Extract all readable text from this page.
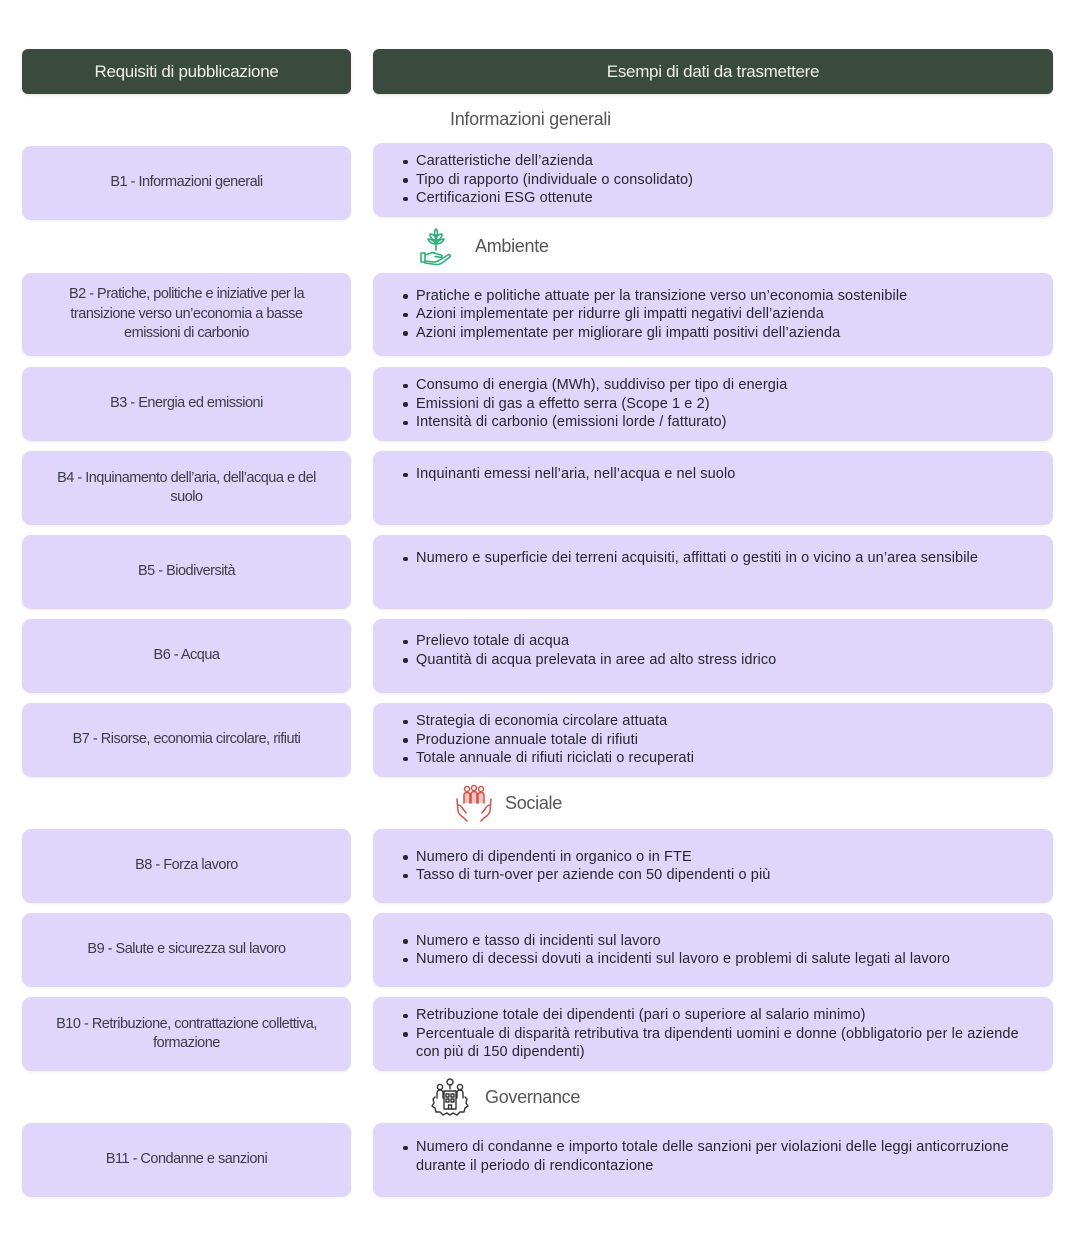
Requisiti di pubblicazione	Esempi di dati da trasmettere
Informazioni generali
B1 - Informazioni generali
Caratteristiche dell’azienda
Tipo di rapporto (individuale o consolidato)
Certificazioni ESG ottenute
Ambiente
B2 - Pratiche, politiche e iniziative per la transizione verso un’economia a basse emissioni di carbonio
Pratiche e politiche attuate per la transizione verso un’economia sostenibile
Azioni implementate per ridurre gli impatti negativi dell’azienda
Azioni implementate per migliorare gli impatti positivi dell’azienda
B3 - Energia ed emissioni
Consumo di energia (MWh), suddiviso per tipo di energia
Emissioni di gas a effetto serra (Scope 1 e 2)
Intensità di carbonio (emissioni lorde / fatturato)
B4 - Inquinamento dell’aria, dell’acqua e del suolo
Inquinanti emessi nell’aria, nell’acqua e nel suolo
B5 - Biodiversità
Numero e superficie dei terreni acquisiti, affittati o gestiti in o vicino a un’area sensibile
B6 - Acqua
Prelievo totale di acqua
Quantità di acqua prelevata in aree ad alto stress idrico
B7 - Risorse, economia circolare, rifiuti
Strategia di economia circolare attuata
Produzione annuale totale di rifiuti
Totale annuale di rifiuti riciclati o recuperati
Sociale
B8 - Forza lavoro
Numero di dipendenti in organico o in FTE
Tasso di turn-over per aziende con 50 dipendenti o più
B9 - Salute e sicurezza sul lavoro
Numero e tasso di incidenti sul lavoro
Numero di decessi dovuti a incidenti sul lavoro e problemi di salute legati al lavoro
B10 - Retribuzione, contrattazione collettiva, formazione
Retribuzione totale dei dipendenti (pari o superiore al salario minimo)
Percentuale di disparità retributiva tra dipendenti uomini e donne (obbligatorio per le aziende con più di 150 dipendenti)
Governance
B11 - Condanne e sanzioni
Numero di condanne e importo totale delle sanzioni per violazioni delle leggi anticorruzione durante il periodo di rendicontazione
